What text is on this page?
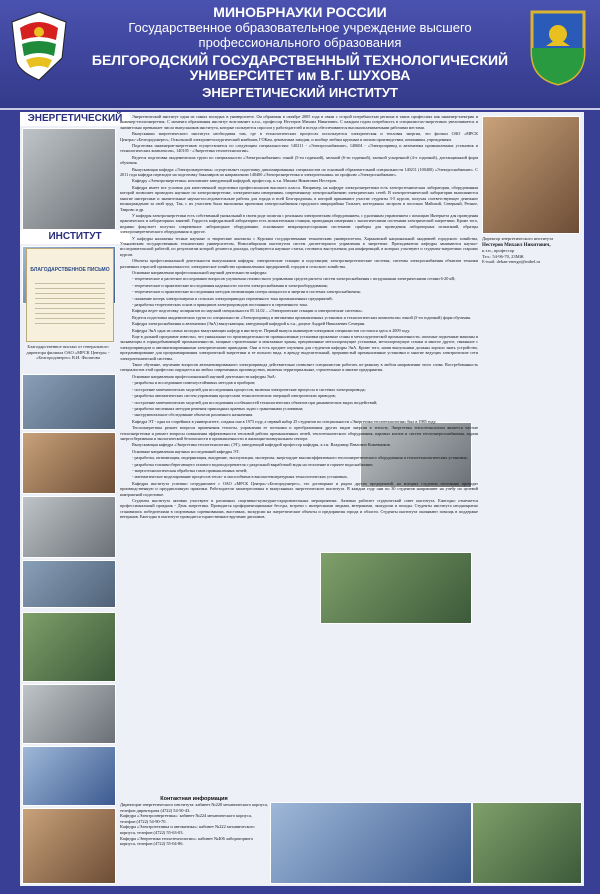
МИНОБРНАУКИ РОССИИ
Государственное образовательное учреждение высшего профессионального образования
БЕЛГОРОДСКИЙ ГОСУДАРСТВЕННЫЙ ТЕХНОЛОГИЧЕСКИЙ УНИВЕРСИТЕТ им В.Г. ШУХОВА
ЭНЕРГЕТИЧЕСКИЙ ИНСТИТУТ
ЭНЕРГЕТИЧЕСКИЙ
ИНСТИТУТ
БЛАГОДАРСТВЕННОЕ ПИСЬМО
Благодарственное письмо от генерального директора филиала ОАО «МРСК Центра» - «Белгородэнерго» В.И. Филатова
Директор энергетического института
Нестеров Михаил Никитович,
к.т.н., профессор
Тел.: 54-96-70, 23МЖ
E-mail: dekan-energo@intbel.ru

Энергетический институт один из самых молодых в университете. Он образован в октябре 2005 года в связи с острой потребностью региона в таких профессиях как инженер-электрик и инженер-теплоэнергетик. С момента образования институт возглавляет к.т.н., профессор Нестеров Михаил Никитович. С каждым годом потребность в специалистах-энергетиках увеличивается и значительно превышает число выпускников института, которые пользуются спросом у работодателей и всегда обеспечиваются высокооплачиваемыми рабочими местами.

Выпускники энергетического института необходимы там, где в технологических процессах используются электрическая и тепловая энергия, это филиал ОАО «МРСК Центра»-«Белгородэнерго», Оскольский электрометаллургический комбинат, ГОКам, цементным заводам, и вообще любым крупным и малым производствам, компаниям, учреждениям.

Подготовка инженеров-энергетиков осуществляется по следующим специальностям: 140211 - «Электроснабжение», 140604 - «Электропривод и автоматика промышленных установок и технологических комплексов», 140105 - «Энергетика теплотехнологии».

Ведется подготовка академических групп по специальности «Электроснабжение» очной (5-ти годичной), заочной (6-ти годичной), заочной ускоренной (4-х годичной), дистанционной форм обучения.

Выпускающая кафедра «Электроэнергетика» осуществляет подготовку дипломированных специалистов по основной образовательной специальности 140211 (100400) «Электроснабжение». С 2011 года кафедра переходит на подготовку бакалавров по направлению 140400 «Электроэнергетика и электротехника» по профилю «Электроснабжение».

Кафедру «Электроэнергетика» возглавляет заведующий кафедрой, профессор, к.т.н. Михаил Никитович Нестеров.

Кафедра имеет все условия для качественной подготовки профессионалов высокого класса. Например, на кафедре электроэнергетики есть электротехническая лаборатория, оборудованная которой позволяет проводить научные по электроэнергетике, электрическим измерениям, современному электроснабжению электрических сетей. В электротехнической лаборатории выполняются многие интересные и значительные научно-исследовательские работы для города и всей Белгородчины, в которой принимают участие студенты 3-5 курсов, получая соответствующее денежное вознаграждение за свой труд. Так, с их участием была выполнена проектная электроснабжения городского микрорайона Тальмет, коттеджных застроек в поселках Майский, Северный, Репное, Таврово и др.

У кафедры электроэнергетики есть собственный уникальный в своем роде полигон с реальным электрическим оборудованием, с удаленным управлением с помощью Интернета для проведения практических и лабораторных занятий. Гордость кафедральной лаборатории есть испытательная станция, проводящая измерения с экологическими системами электрической энергетики. Кроме того, недавно факультет получил современное лабораторное оборудование, основанное микропроцессорными системами: приборы для проведения лабораторных испытаний, образцы электроэнергетического оборудования и другое.

У кафедры налажены тесные научные и творческие контакты с Курским государственным техническим университетом, Харьковской национальной академией городского хозяйства, Ульяновским государственным техническим университетом, Новосибирским институтом систем диспетчерского управления в энергетике. Преподаватели кафедры занимаются научно-исследовательской работой, по результатам которой делаются доклады, публикуются научные статьи, готовятся выступления для конференций, в которых участвуют и студенты-энергетики старших курсов.

Объекты профессиональной деятельности выпускников кафедры: электрические станции и подстанции; электроэнергетические системы; системы электроснабжения объектов техники различных отраслей промышленности; электрическое хозяйство промышленных предприятий, городов и сельского хозяйства.

Основные направления профессиональной научной деятельности кафедры:

- теоретическое и расчетное исследование вопросов улучшения стоимостного управления средств расчета систем электроснабжения с воздушными электрическими сетями 6-20 кВ;

- теоретические и практические исследования надежности систем электроснабжения и электрооборудования;

- теоретические и практические исследования методов оптимизации потерь мощности и энергии в системах электроснабжения;

- снижение потерь электроэнергии в сельских электроприводах переменного тока промышленных предприятий;

- разработка теоретических основ и принципов электропроводов постоянного и переменного тока.

Кафедра ведет подготовку аспирантов по научной специальности 05.14.02 – «Электрические станции и электрические системы».

Ведется подготовка академических групп по специальности «Электропривод и автоматика промышленных установок и технологических комплексов» очной (5-ти годичной) форм обучения.

Кафедра электроснабжения и автоматики (ЭнА) выпускающая, заведующий кафедрой к.т.н., доцент Андрей Николаевич Семерин.

Кафедра ЭнА одна из самых молодых выпускающих кафедр в институте. Первый выпуск инженеров-электриков специалистов состоялся здесь в 2009 году.

Еще в дальней программе известно, что уникальные по производительности промышленные установки прокатные станы в металлургической промышленности, шахтные подъемные машины и экскаваторы в горнодобывающей промышленности, мощные строительные и монтажные краны, прецизионные металлорежущие установки, металлорежущие станки и многое другое, связанное с электроприводом и автоматизированными электрическими приводами. Они и есть предмет изучения для студентов кафедры ЭнА. Кроме того, наши выпускники должны хорошо знать устройство, программирование для программирования электрической энергетики и ее полного вида, в аренду выделительный, прерывистый промышленные установки и многие ведущих электрические сети электротехнической системы.

Такое обучение, изучению вопросов автоматизированного электропривода действительно позволяет специалистам работать по-разному в любом направлении этого слова. Востребованность специалистов этой профессии ощущается на любых современных производствах, включая территориальные, строительные и многие предприятия.

Основные направления профессиональной научной деятельности кафедры ЭнА:

- разработка и исследование помехоустойчивых методов и приборов;

- построение математических моделей для исследования процессов, включая электрические процессы в системах электропривода;

- разработка автоматических систем управления процессами технологических операций электрических приводов;

- построение математических моделей для исследования особенностей технологических объектов при динамических видах воздействий;

- разработка численных методов решения прикладных краевых задач с граничными условиями;

- инструментальное обследование объектов различного назначения.

Кафедра ЭТ - одна из старейших в университете, создана она в 1973 году, а первый набор 25 студентов по специальности «Энергетика теплотехнологии» был в 1985 году.

Теплоэнергетика решает вопросы применения теплоты, управления ее потоками и преобразования других видов энергии в теплоту. Энергетика теплотехнологии является частью теплоэнергетики и решает вопросы повышения эффективности тепловой работы промышленных печей, теплотехнического оборудования, паровых котлов и систем теплоэнергоснабжения, задачи энергосбережения и экологической безопасности в промышленности и жилищно-коммунальном секторе.

Выпускающая кафедра «Энергетика теплотехнологии» (ЭТ), заведующий кафедрой профессор кафедры, к.т.н. Владимир Павлович Кожевников.

Основные направления научных исследований кафедры ЭТ:

- разработка, оптимизация, модернизация, внедрение, эксплуатация, экспертиза, энергоаудит высокоэффективного теплоэнергетического оборудования и теплотехнологических установок;

- разработка топливосберегающего газового водоподогревателя с раздельной выработкой воды на отопление и горячее водоснабжение;

- энерготехнологическая обработка газов промышленных печей;

- математическое моделирование процессов тепло- и массообмена в высокотемпературных технологических установках.

Кафедры института успешно сотрудничают с ОАО «МРСК Центра»-«Белгородэнерго», это договорные и рядом других предприятий, на которых студенты постоянно проходят производственную и преддипломную практики. Работодатели заинтересованы в выпускниках энергетического института. В каждом году они по 30 студентов направляют на учебу по целевой контрактной подготовке.

Студенты института активно участвуют в различных спортивно-культурно-оздоровительных мероприятиях. Активно работает студенческий совет института. Ежегодно отмечается профессиональный праздник - День энергетика. Проводятся профориентационные беседы, встречи с интересными людьми, ветеранами, экскурсии и походы. Студенты института неоднократно становились победителями в спортивных соревнованиях, выставках, экскурсии на энергетические объекты и предприятия города и области. Студенты института оказывают помощь в поддержке ветеранов. Ежегодно в институте проводится торжественное вручение дипломов.

Контактная информация
Директорат энергетического института: кабинет №220 механического корпуса, телефон директората (4722) 54-50-43.
Кафедра «Электроэнергетика»: кабинет №224 механического корпуса, телефон (4722) 54-90-70.
Кафедра «Электротехника и автоматика»: кабинет №222 механического корпуса, телефон (4722) 55-63-03.
Кафедра «Энергетика теплотехнологии»: кабинет №406 лабораторного корпуса, телефон (4722) 55-04-86.
